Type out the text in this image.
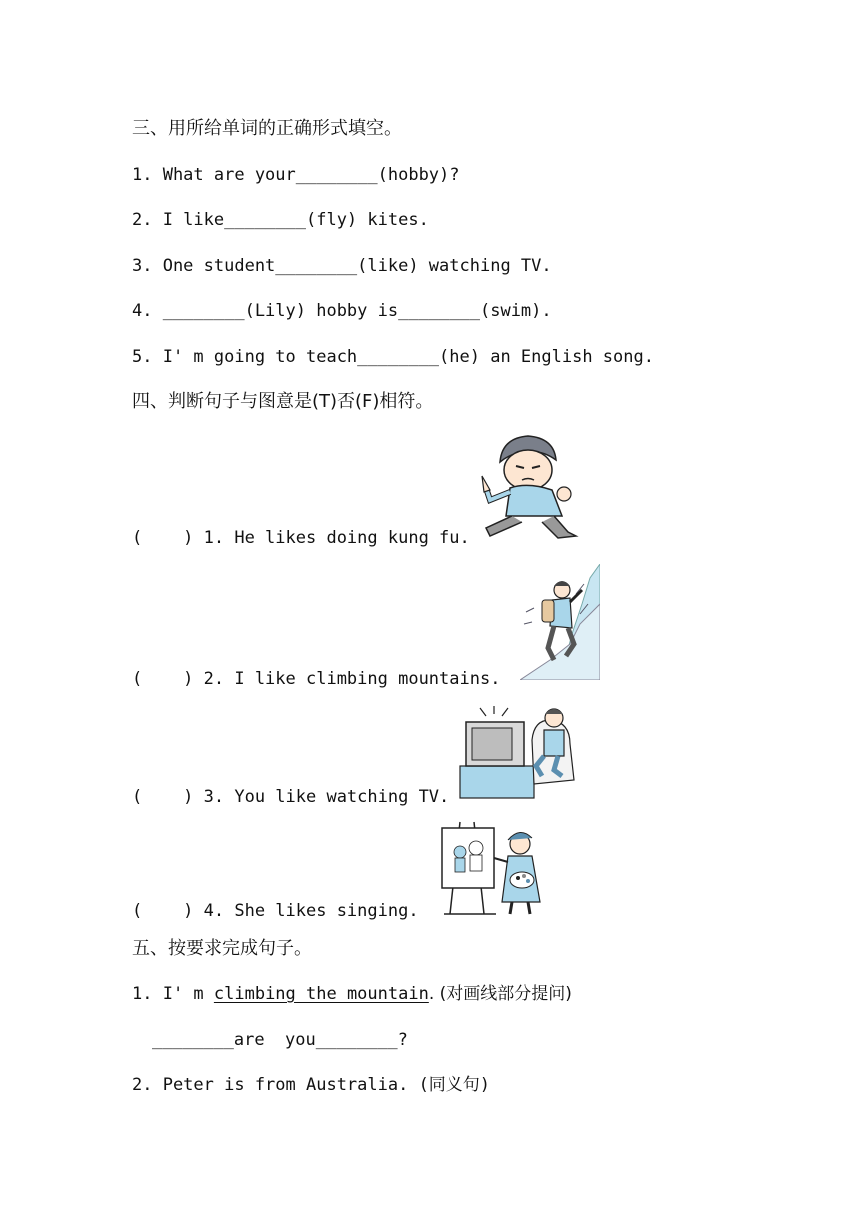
三、用所给单词的正确形式填空。
1. What are your________(hobby)?
2. I like________(fly) kites.
3. One student________(like) watching TV.
4. ________(Lily) hobby is________(swim).
5. I' m going to teach________(he) an English song.
四、判断句子与图意是(T)否(F)相符。
(    ) 1. He likes doing kung fu.
(    ) 2. I like climbing mountains.
(    ) 3. You like watching TV.
(    ) 4. She likes singing.
五、按要求完成句子。
1. I' m climbing the mountain. (对画线部分提问)
________are  you________?
2. Peter is from Australia. (同义句)
